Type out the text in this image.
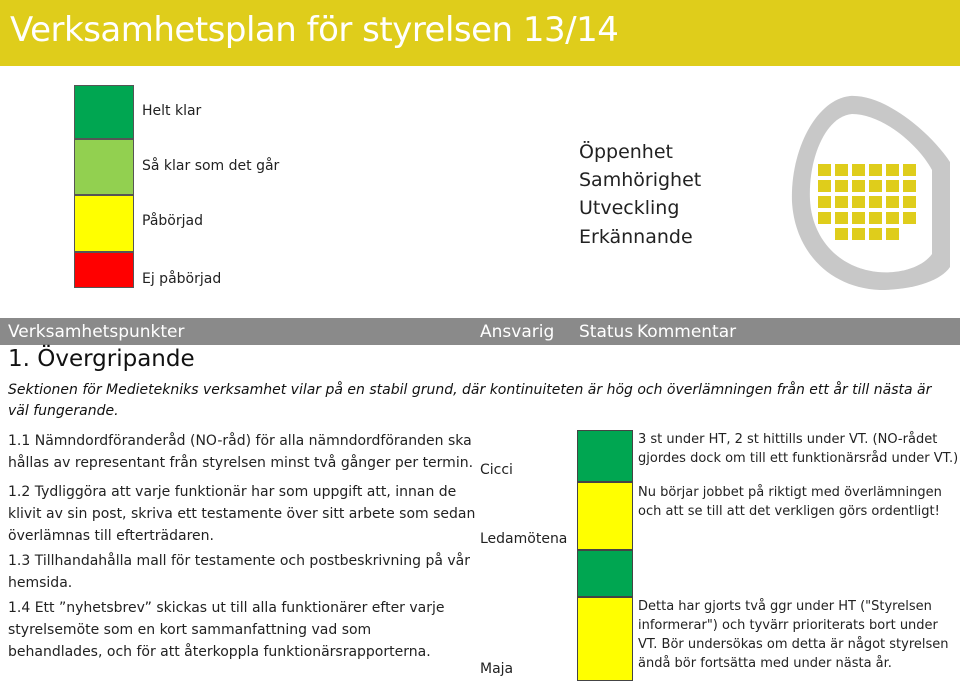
Verksamhetsplan för styrelsen 13/14
Helt klar
Så klar som det går
Påbörjad
Ej påbörjad
Öppenhet
Samhörighet
Utveckling
Erkännande
Verksamhetspunkter	Ansvarig Status Kommentar
1. Övergripande
Sektionen för Medietekniks verksamhet vilar på en stabil grund, där kontinuiteten är hög och överlämningen från ett år till nästa är väl fungerande.
1.1 Nämndordföranderåd (NO-råd) för alla nämndordföranden ska hållas av representant från styrelsen minst två gånger per termin.
1.2 Tydliggöra att varje funktionär har som uppgift att, innan de klivit av sin post, skriva ett testamente över sitt arbete som sedan överlämnas till efterträdaren.
1.3 Tillhandahålla mall för testamente och postbeskrivning på vår hemsida.
1.4 Ett ”nyhetsbrev” skickas ut till alla funktionärer efter varje styrelsemöte som en kort sammanfattning vad som behandlades, och för att återkoppla funktionärsrapporterna.
Cicci
Ledamötena
Maja
3 st under HT, 2 st hittills under VT. (NO-rådet gjordes dock om till ett funktionärsråd under VT.)
Nu börjar jobbet på riktigt med överlämningen och att se till att det verkligen görs ordentligt!
Detta har gjorts två ggr under HT ("Styrelsen informerar") och tyvärr prioriterats bort under VT. Bör undersökas om detta är något styrelsen ändå bör fortsätta med under nästa år.
